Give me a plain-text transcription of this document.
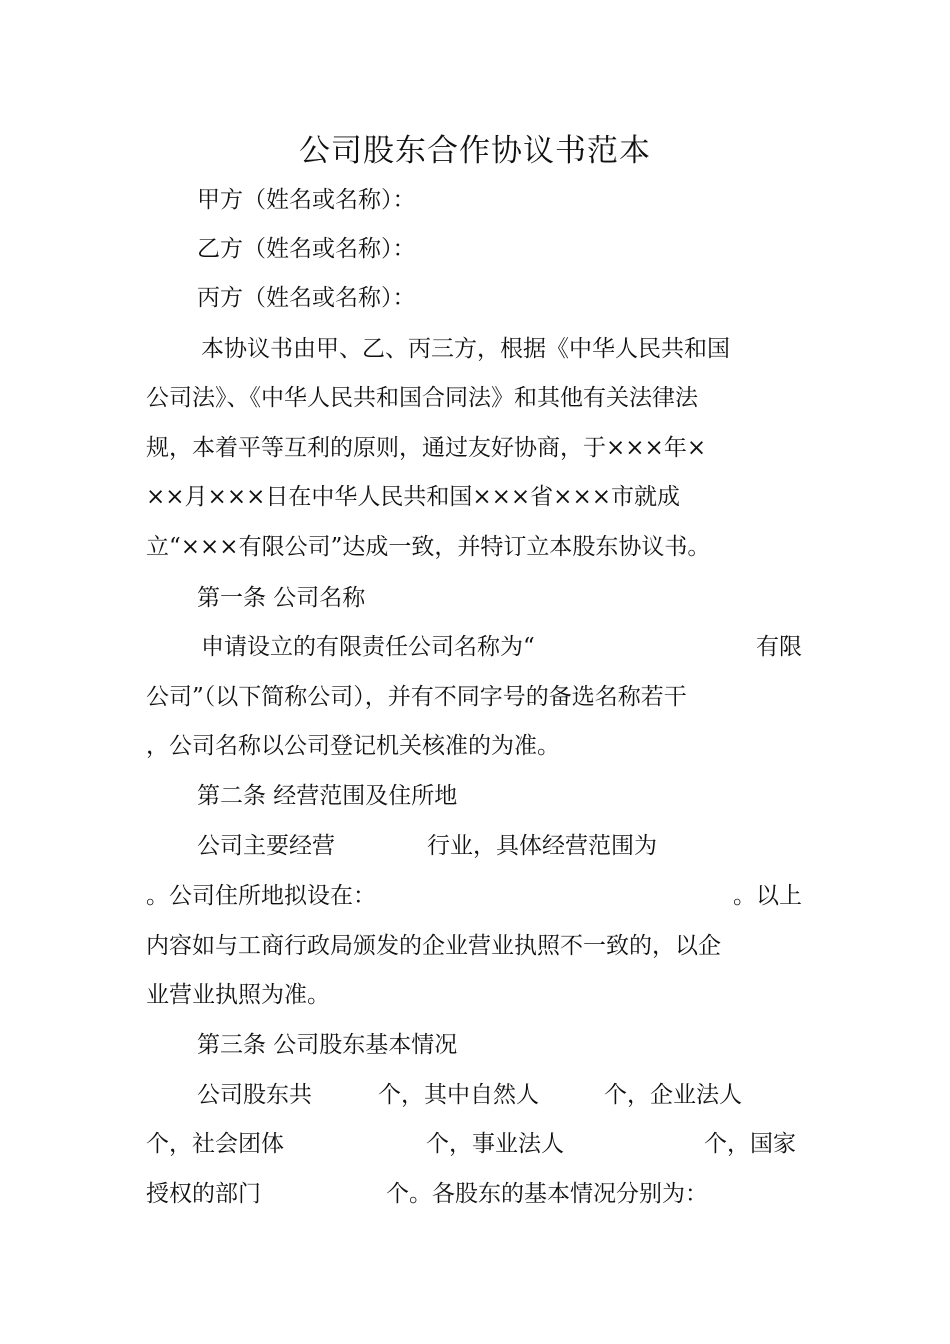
公司股东合作协议书范本
甲方（姓名或名称）：
乙方（姓名或名称）：
丙方（姓名或名称）：
本协议书由甲、乙、丙三方，根据《中华人民共和国
公司法》、《中华人民共和国合同法》和其他有关法律法
规，本着平等互利的原则，通过友好协商，于×××年×
××月×××日在中华人民共和国×××省×××市就成
立“×××有限公司”达成一致，并特订立本股东协议书。
第一条 公司名称
申请设立的有限责任公司名称为“	有限
公司”（以下简称公司），并有不同字号的备选名称若干
，公司名称以公司登记机关核准的为准。
第二条 经营范围及住所地
公司主要经营	行业，具体经营范围为
。公司住所地拟设在：	。以上
内容如与工商行政局颁发的企业营业执照不一致的，以企
业营业执照为准。
第三条 公司股东基本情况
公司股东共	个，其中自然人	个，企业法人
个，社会团体	个，事业法人	个，国家
授权的部门	个。各股东的基本情况分别为：
